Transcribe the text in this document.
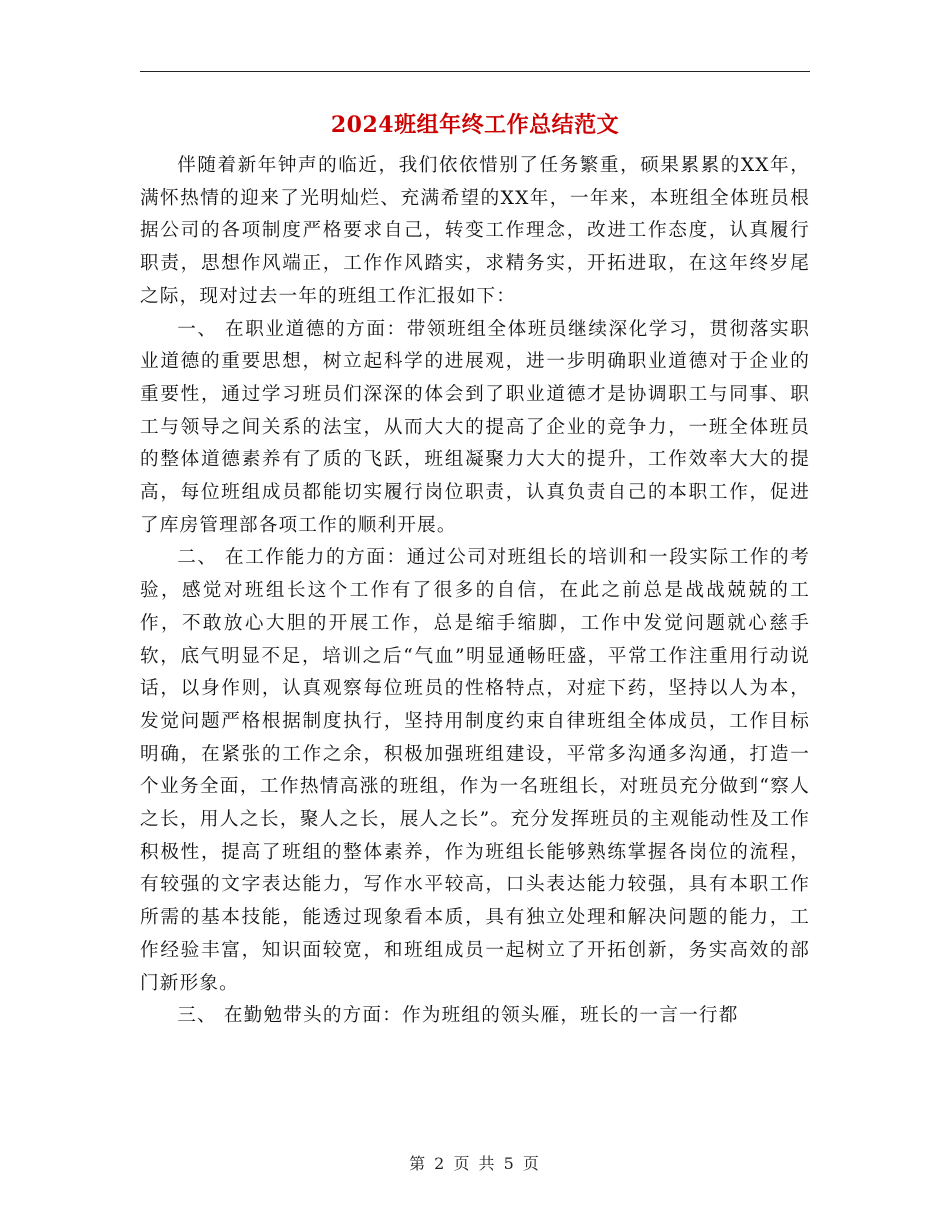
2024班组年终工作总结范文

伴随着新年钟声的临近，我们依依惜别了任务繁重，硕果累累的XX年，满怀热情的迎来了光明灿烂、充满希望的XX年，一年来，本班组全体班员根据公司的各项制度严格要求自己，转变工作理念，改进工作态度，认真履行职责，思想作风端正，工作作风踏实，求精务实，开拓进取，在这年终岁尾之际，现对过去一年的班组工作汇报如下：

一、 在职业道德的方面：带领班组全体班员继续深化学习，贯彻落实职业道德的重要思想，树立起科学的进展观，进一步明确职业道德对于企业的重要性，通过学习班员们深深的体会到了职业道德才是协调职工与同事、职工与领导之间关系的法宝，从而大大的提高了企业的竞争力，一班全体班员的整体道德素养有了质的飞跃，班组凝聚力大大的提升，工作效率大大的提高，每位班组成员都能切实履行岗位职责，认真负责自己的本职工作，促进了库房管理部各项工作的顺利开展。

二、 在工作能力的方面：通过公司对班组长的培训和一段实际工作的考验，感觉对班组长这个工作有了很多的自信，在此之前总是战战兢兢的工作，不敢放心大胆的开展工作，总是缩手缩脚，工作中发觉问题就心慈手软，底气明显不足，培训之后“气血”明显通畅旺盛，平常工作注重用行动说话，以身作则，认真观察每位班员的性格特点，对症下药，坚持以人为本，发觉问题严格根据制度执行，坚持用制度约束自律班组全体成员，工作目标明确，在紧张的工作之余，积极加强班组建设，平常多沟通多沟通，打造一个业务全面，工作热情高涨的班组，作为一名班组长，对班员充分做到“察人之长，用人之长，聚人之长，展人之长”。充分发挥班员的主观能动性及工作积极性，提高了班组的整体素养，作为班组长能够熟练掌握各岗位的流程，有较强的文字表达能力，写作水平较高，口头表达能力较强，具有本职工作所需的基本技能，能透过现象看本质，具有独立处理和解决问题的能力，工作经验丰富，知识面较宽，和班组成员一起树立了开拓创新，务实高效的部门新形象。

三、 在勤勉带头的方面：作为班组的领头雁，班长的一言一行都

第 2 页 共 5 页
